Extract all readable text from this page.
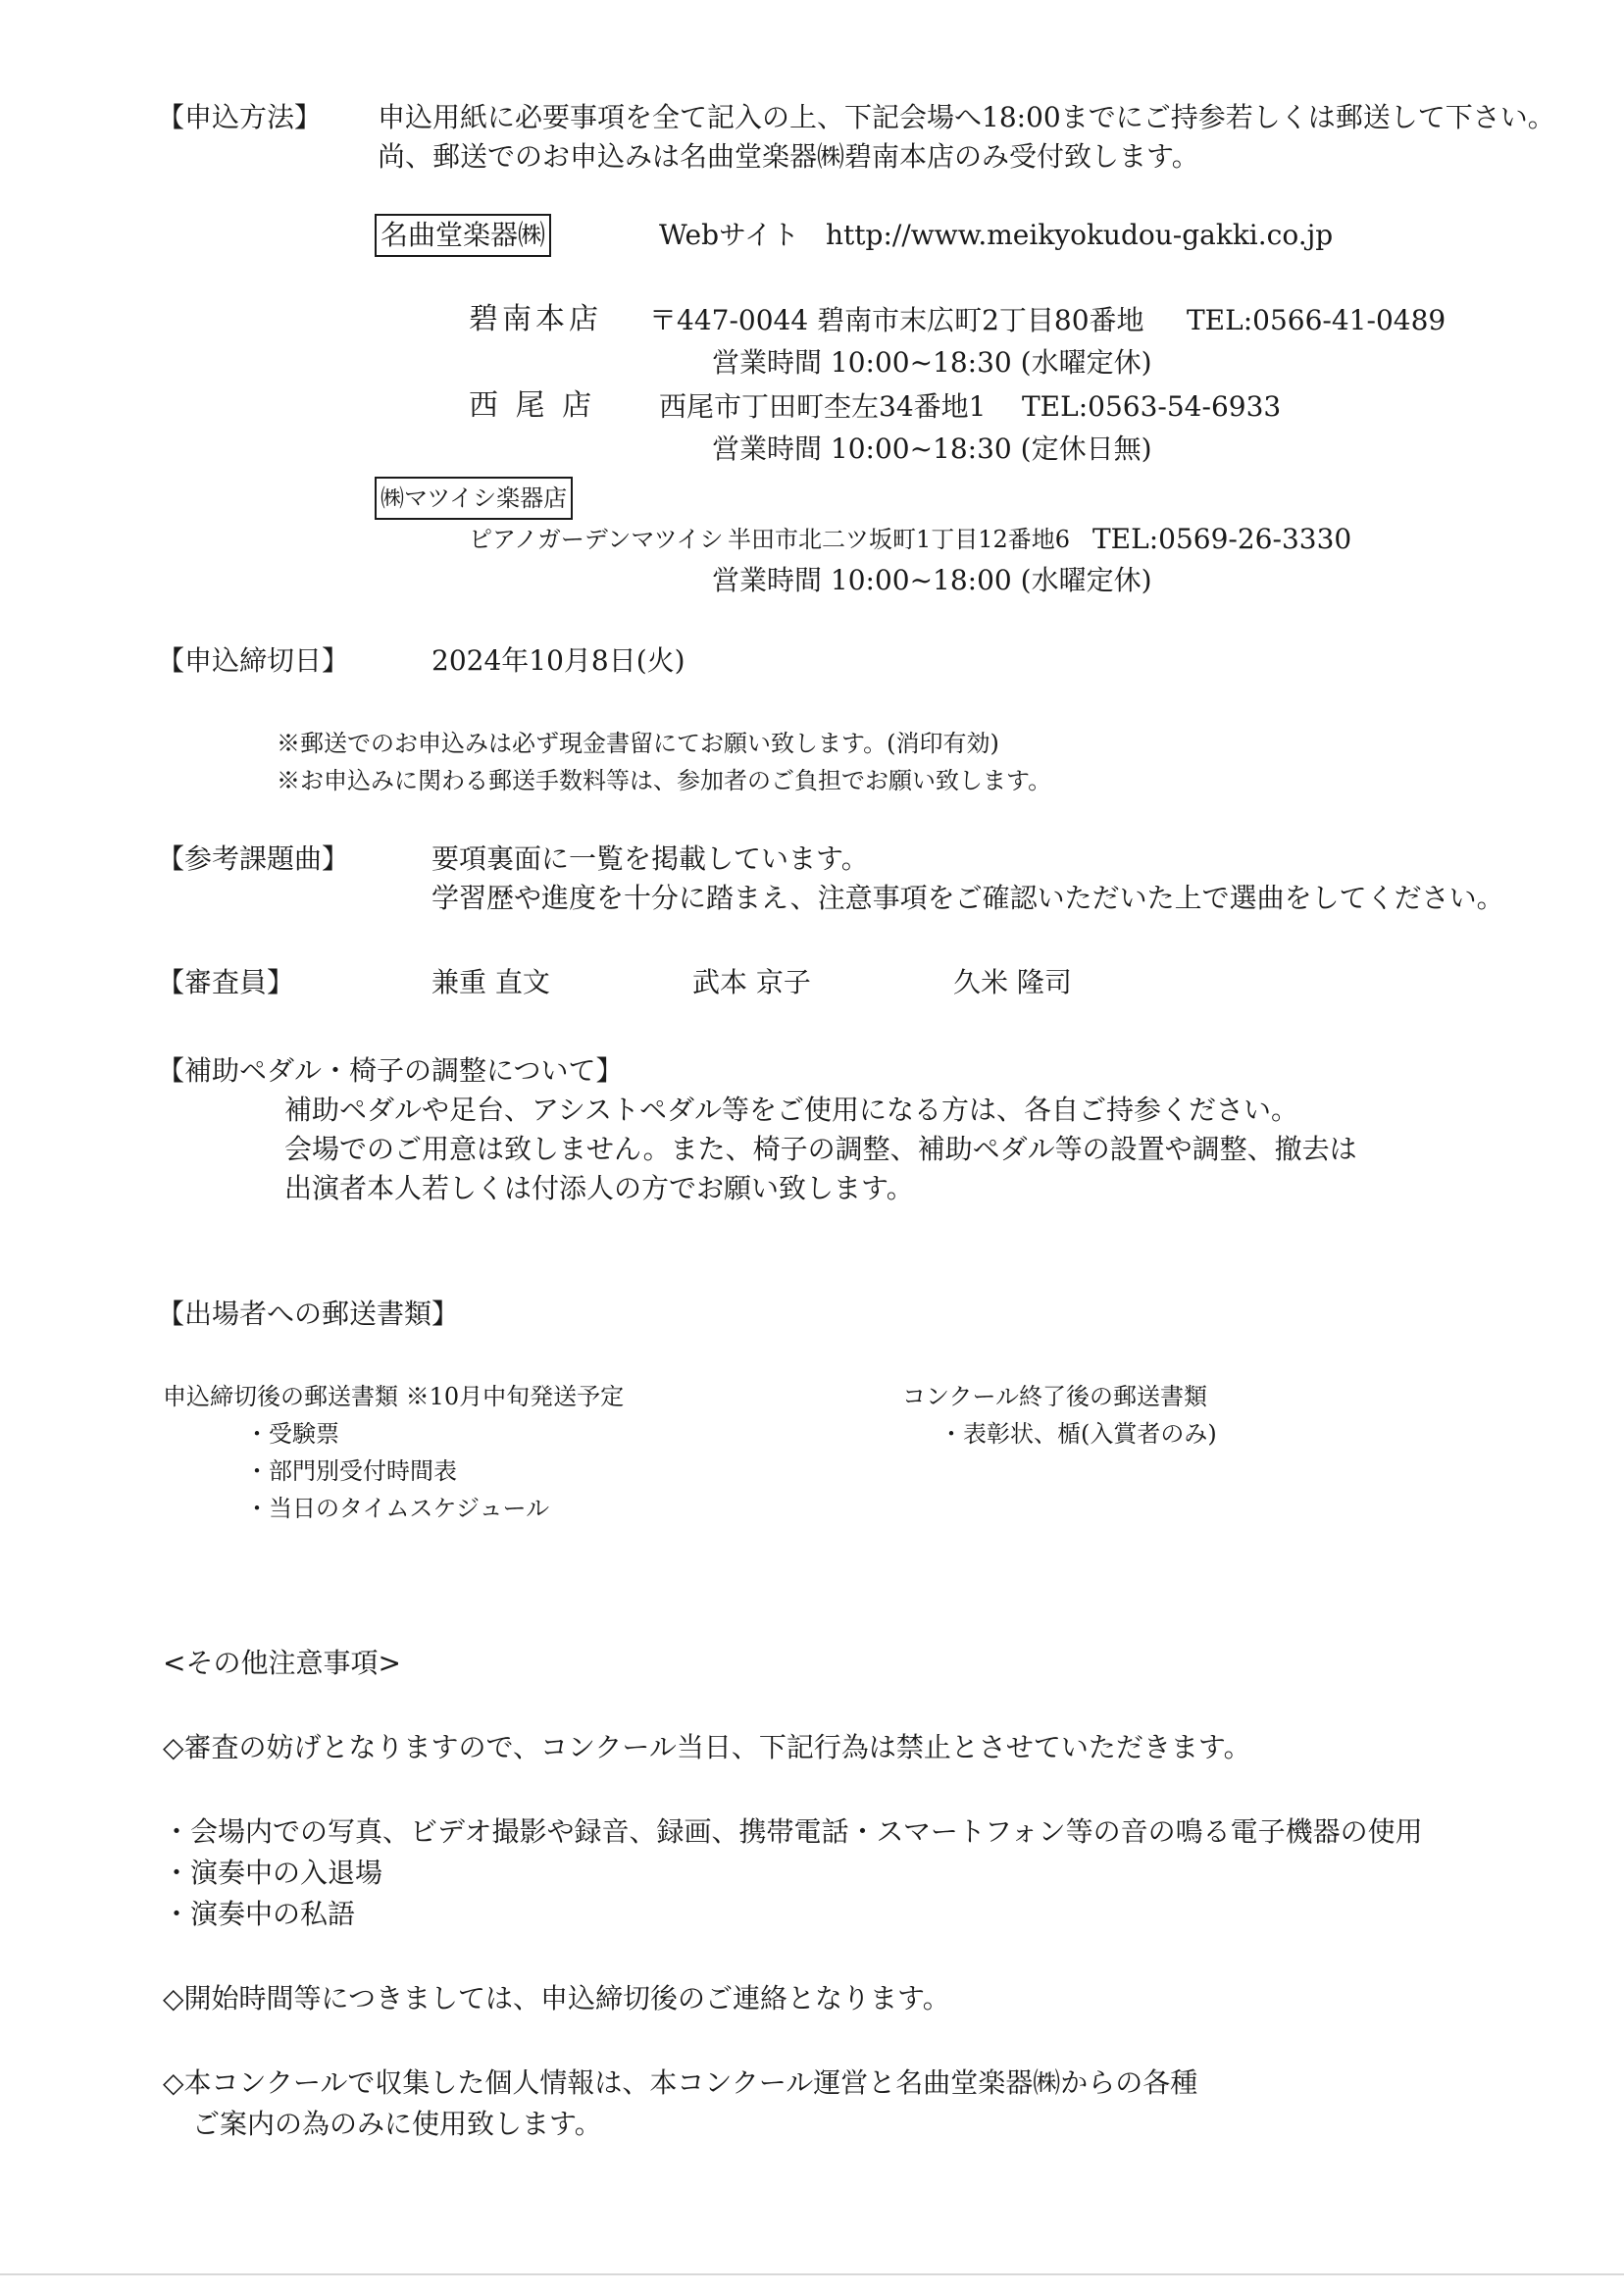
【申込方法】 申込用紙に必要事項を全て記入の上、下記会場へ18:00までにご持参若しくは郵送して下さい。
尚、郵送でのお申込みは名曲堂楽器㈱碧南本店のみ受付致します。
名曲堂楽器㈱	Webサイト http://www.meikyokudou-gakki.co.jp
碧南本店 〒447-0044 碧南市末広町2丁目80番地 TEL:0566-41-0489
営業時間 10:00~18:30 (水曜定休)
西 尾 店 西尾市丁田町杢左34番地1 TEL:0563-54-6933
営業時間 10:00~18:30 (定休日無)
㈱マツイシ楽器店
ピアノガーデンマツイシ 半田市北二ツ坂町1丁目12番地6 TEL:0569-26-3330
営業時間 10:00~18:00 (水曜定休)
【申込締切日】	2024年10月8日(火)
※郵送でのお申込みは必ず現金書留にてお願い致します。(消印有効)
※お申込みに関わる郵送手数料等は、参加者のご負担でお願い致します。
【参考課題曲】	要項裏面に一覧を掲載しています。
学習歴や進度を十分に踏まえ、注意事項をご確認いただいた上で選曲をしてください。
【審査員】	兼重 直文	武本 京子	久米 隆司
【補助ペダル・椅子の調整について】
補助ペダルや足台、アシストペダル等をご使用になる方は、各自ご持参ください。
会場でのご用意は致しません。また、椅子の調整、補助ペダル等の設置や調整、撤去は
出演者本人若しくは付添人の方でお願い致します。
【出場者への郵送書類】
申込締切後の郵送書類 ※10月中旬発送予定
・受験票
・部門別受付時間表
・当日のタイムスケジュール
コンクール終了後の郵送書類
・表彰状、楯(入賞者のみ)
<その他注意事項>
◇審査の妨げとなりますので、コンクール当日、下記行為は禁止とさせていただきます。
・会場内での写真、ビデオ撮影や録音、録画、携帯電話・スマートフォン等の音の鳴る電子機器の使用
・演奏中の入退場
・演奏中の私語
◇開始時間等につきましては、申込締切後のご連絡となります。
◇本コンクールで収集した個人情報は、本コンクール運営と名曲堂楽器㈱からの各種
ご案内の為のみに使用致します。
